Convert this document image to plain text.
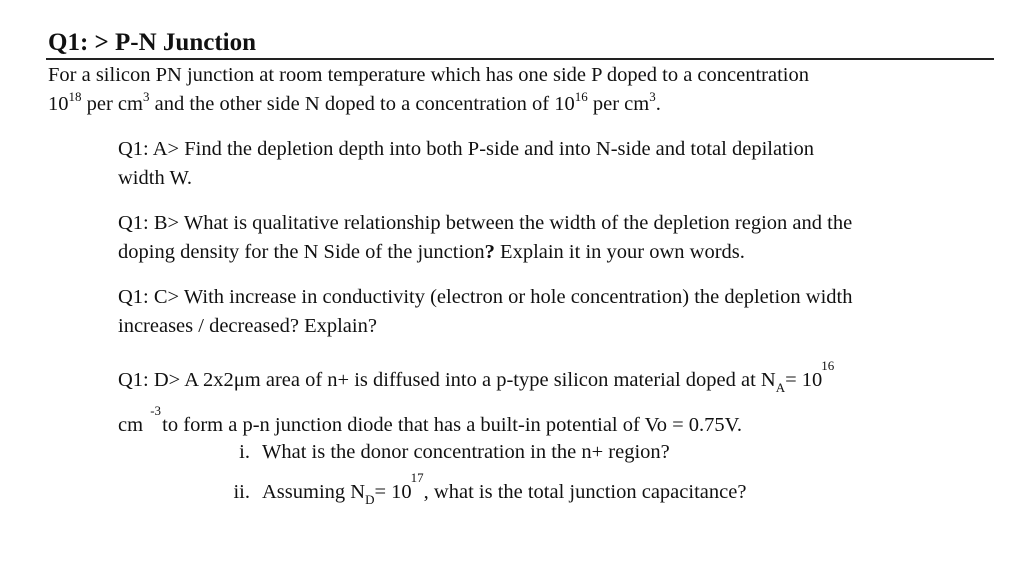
Q1: > P-N Junction
For a silicon PN junction at room temperature which has one side P doped to a concentration
$10^{18}$ per $cm^3$ and the other side N doped to a concentration of $10^{16}$ per $cm^3$.
Q1: A> Find the depletion depth into both P-side and into N-side and total depilation
width W.
Q1: B> What is qualitative relationship between the width of the depletion region and the
doping density for the N Side of the junction? Explain it in your own words.
Q1: C> With increase in conductivity (electron or hole concentration) the depletion width
increases / decreased? Explain?
Q1: D> A 2x2μm area of n+ is diffused into a p-type silicon material doped at $N_A= 10$
16
cm
-3
to form a p-n junction diode that has a built-in potential of Vo = 0.75V.
i. What is the donor concentration in the n+ region?
ii. Assuming $N_D= 10$
17
, what is the total junction capacitance?
